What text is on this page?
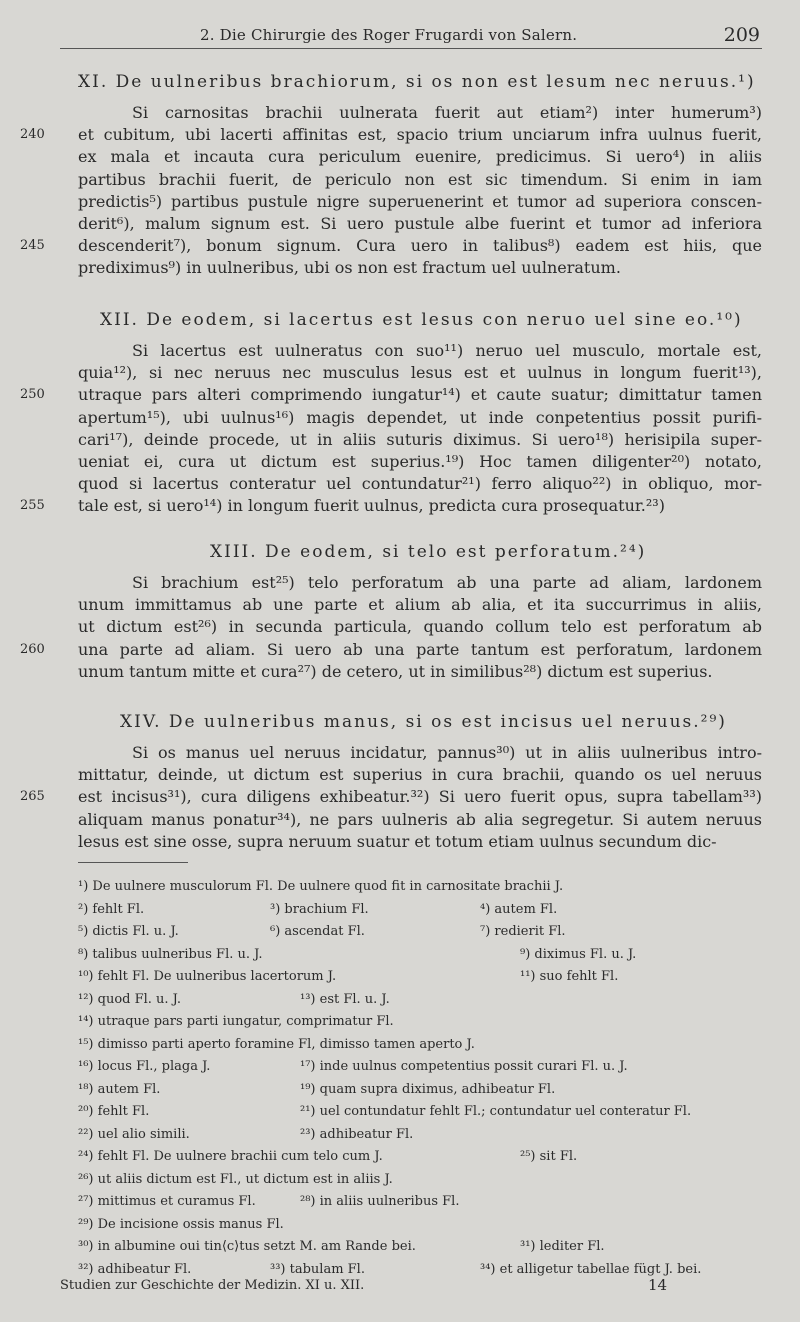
2. Die Chirurgie des Roger Frugardi von Salern.	209
XI. De uulneribus brachiorum, si os non est lesum nec neruus.¹)
Si carnositas brachii uulnerata fuerit aut etiam²) inter humerum³)
et cubitum, ubi lacerti affinitas est, spacio trium unciarum infra uulnus fuerit,
240
ex mala et incauta cura periculum euenire, predicimus. Si uero⁴) in aliis
partibus brachii fuerit, de periculo non est sic timendum. Si enim in iam
predictis⁵) partibus pustule nigre superuenerint et tumor ad superiora conscen-
derit⁶), malum signum est. Si uero pustule albe fuerint et tumor ad inferiora
descenderit⁷), bonum signum. Cura uero in talibus⁸) eadem est hiis, que
245
prediximus⁹) in uulneribus, ubi os non est fractum uel uulneratum.
XII. De eodem, si lacertus est lesus con neruo uel sine eo.¹⁰)
Si lacertus est uulneratus con suo¹¹) neruo uel musculo, mortale est,
quia¹²), si nec neruus nec musculus lesus est et uulnus in longum fuerit¹³),
utraque pars alteri comprimendo iungatur¹⁴) et caute suatur; dimittatur tamen
250
apertum¹⁵), ubi uulnus¹⁶) magis dependet, ut inde conpetentius possit purifi-
cari¹⁷), deinde procede, ut in aliis suturis diximus. Si uero¹⁸) herisipila super-
ueniat ei, cura ut dictum est superius.¹⁹) Hoc tamen diligenter²⁰) notato,
quod si lacertus conteratur uel contundatur²¹) ferro aliquo²²) in obliquo, mor-
tale est, si uero¹⁴) in longum fuerit uulnus, predicta cura prosequatur.²³)
255
XIII. De eodem, si telo est perforatum.²⁴)
Si brachium est²⁵) telo perforatum ab una parte ad aliam, lardonem
unum immittamus ab une parte et alium ab alia, et ita succurrimus in aliis,
ut dictum est²⁶) in secunda particula, quando collum telo est perforatum ab
una parte ad aliam. Si uero ab una parte tantum est perforatum, lardonem
260
unum tantum mitte et cura²⁷) de cetero, ut in similibus²⁸) dictum est superius.
XIV. De uulneribus manus, si os est incisus uel neruus.²⁹)
Si os manus uel neruus incidatur, pannus³⁰) ut in aliis uulneribus intro-
mittatur, deinde, ut dictum est superius in cura brachii, quando os uel neruus
est incisus³¹), cura diligens exhibeatur.³²) Si uero fuerit opus, supra tabellam³³)
265
aliquam manus ponatur³⁴), ne pars uulneris ab alia segregetur. Si autem neruus
lesus est sine osse, supra neruum suatur et totum etiam uulnus secundum dic-
¹) De uulnere musculorum Fl. De uulnere quod fit in carnositate brachii J.
²) fehlt Fl.	³) brachium Fl.	⁴) autem Fl.
⁵) dictis Fl. u. J.	⁶) ascendat Fl.	⁷) redierit Fl.
⁸) talibus uulneribus Fl. u. J.	⁹) diximus Fl. u. J.
¹⁰) fehlt Fl. De uulneribus lacertorum J.	¹¹) suo fehlt Fl.
¹²) quod Fl. u. J.	¹³) est Fl. u. J.
¹⁴) utraque pars parti iungatur, comprimatur Fl.
¹⁵) dimisso parti aperto foramine Fl, dimisso tamen aperto J.
¹⁶) locus Fl., plaga J.	¹⁷) inde uulnus competentius possit curari Fl. u. J.
¹⁸) autem Fl.	¹⁹) quam supra diximus, adhibeatur Fl.
²⁰) fehlt Fl.	²¹) uel contundatur fehlt Fl.; contundatur uel conteratur Fl.
²²) uel alio simili.	²³) adhibeatur Fl.
²⁴) fehlt Fl. De uulnere brachii cum telo cum J.	²⁵) sit Fl.
²⁶) ut aliis dictum est Fl., ut dictum est in aliis J.
²⁷) mittimus et curamus Fl.	²⁸) in aliis uulneribus Fl.
²⁹) De incisione ossis manus Fl.
³⁰) in albumine oui tin⟨c⟩tus setzt M. am Rande bei.	³¹) lediter Fl.
³²) adhibeatur Fl.	³³) tabulam Fl.	³⁴) et alligetur tabellae fügt J. bei.
Studien zur Geschichte der Medizin. XI u. XII.	14
